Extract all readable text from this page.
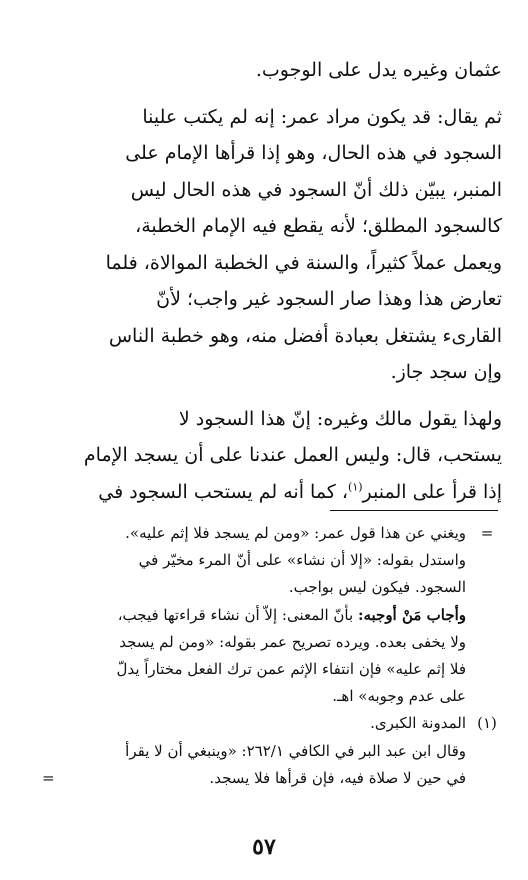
عثمان وغيره يدل على الوجوب.

ثم يقال: قد يكون مراد عمر: إنه لم يكتب علينا
السجود في هذه الحال، وهو إذا قرأها الإمام على
المنبر، يبيّن ذلك أنّ السجود في هذه الحال ليس
كالسجود المطلق؛ لأنه يقطع فيه الإمام الخطبة،
ويعمل عملاً كثيراً، والسنة في الخطبة الموالاة، فلما
تعارض هذا وهذا صار السجود غير واجب؛ لأنّ
القارىء يشتغل بعبادة أفضل منه، وهو خطبة الناس
وإن سجد جاز.

ولهذا يقول مالك وغيره: إنّ هذا السجود لا
يستحب، قال: وليس العمل عندنا على أن يسجد الإمام
إذا قرأ على المنبر$^{(١)}$، كما أنه لم يستحب السجود في

=
ويغني عن هذا قول عمر: «ومن لم يسجد فلا إثم عليه».
واستدل بقوله: «إلا أن نشاء» على أنّ المرء مخيّر في
السجود. فيكون ليس بواجب.
وأجاب مَنْ أوجبه: بأنّ المعنى: إلاّ أن نشاء قراءتها فيجب،
ولا يخفى بعده. ويرده تصريح عمر بقوله: «ومن لم يسجد
فلا إثم عليه» فإن انتفاء الإثم عمن ترك الفعل مختاراً يدلّ
على عدم وجوبه» اهـ.
(١)
المدونة الكبرى.
وقال ابن عبد البر في الكافي ٢٦٢/١: «وينبغي أن لا يقرأ
في حين لا صلاة فيه، فإن قرأها فلا يسجد.
=
٥٧
